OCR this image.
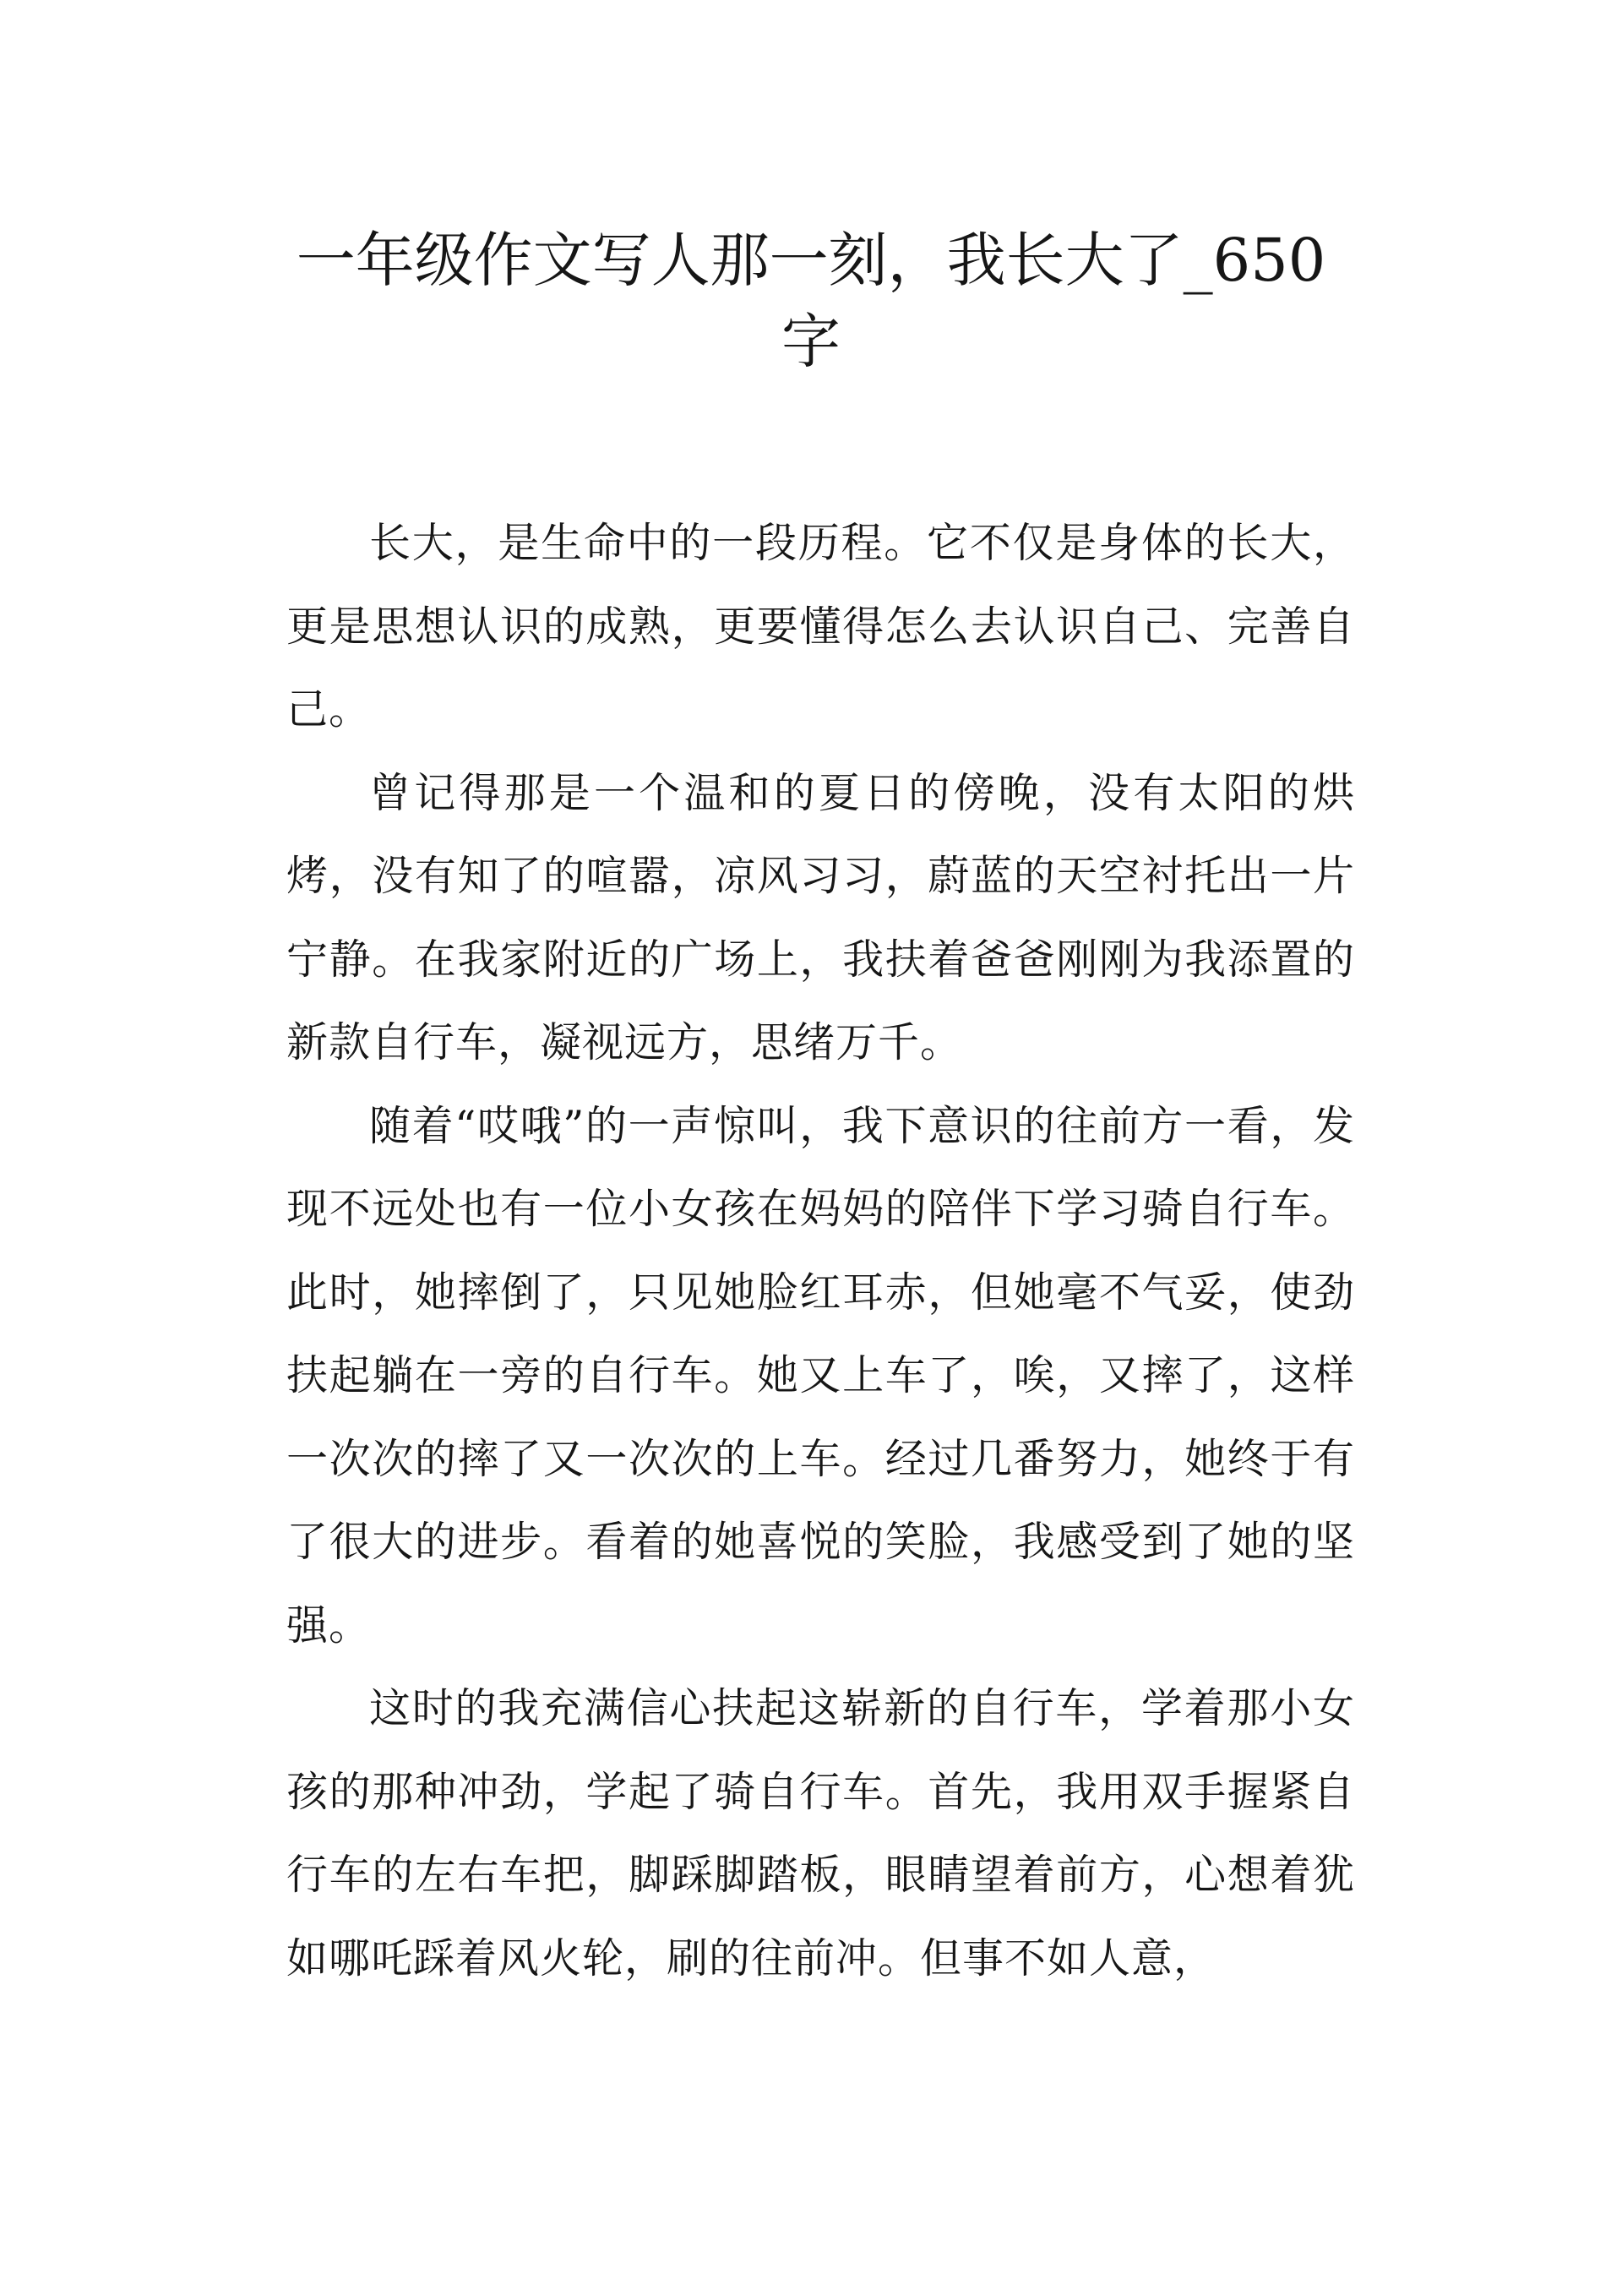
一年级作文写人那一刻，我长大了_650字

长大，是生命中的一段历程。它不仅是身体的长大，更是思想认识的成熟，更要懂得怎么去认识自己、完善自己。

曾记得那是一个温和的夏日的傍晚，没有太阳的烘烤，没有知了的喧嚣，凉风习习，蔚蓝的天空衬托出一片宁静。在我家附近的广场上，我扶着爸爸刚刚为我添置的新款自行车，凝视远方，思绪万千。

随着“哎哦”的一声惊叫，我下意识的往前方一看，发现不远处也有一位小女孩在妈妈的陪伴下学习骑自行车。此时，她摔倒了，只见她脸红耳赤，但她毫不气妥，使劲扶起躺在一旁的自行车。她又上车了，唉，又摔了，这样一次次的摔了又一次次的上车。经过几番努力，她终于有了很大的进步。看着的她喜悦的笑脸，我感受到了她的坚强。

这时的我充满信心扶起这崭新的自行车，学着那小女孩的那种冲劲，学起了骑自行车。首先，我用双手握紧自行车的左右车把，脚踩脚踏板，眼睛望着前方，心想着犹如哪吒踩着风火轮，刷的往前冲。但事不如人意，
